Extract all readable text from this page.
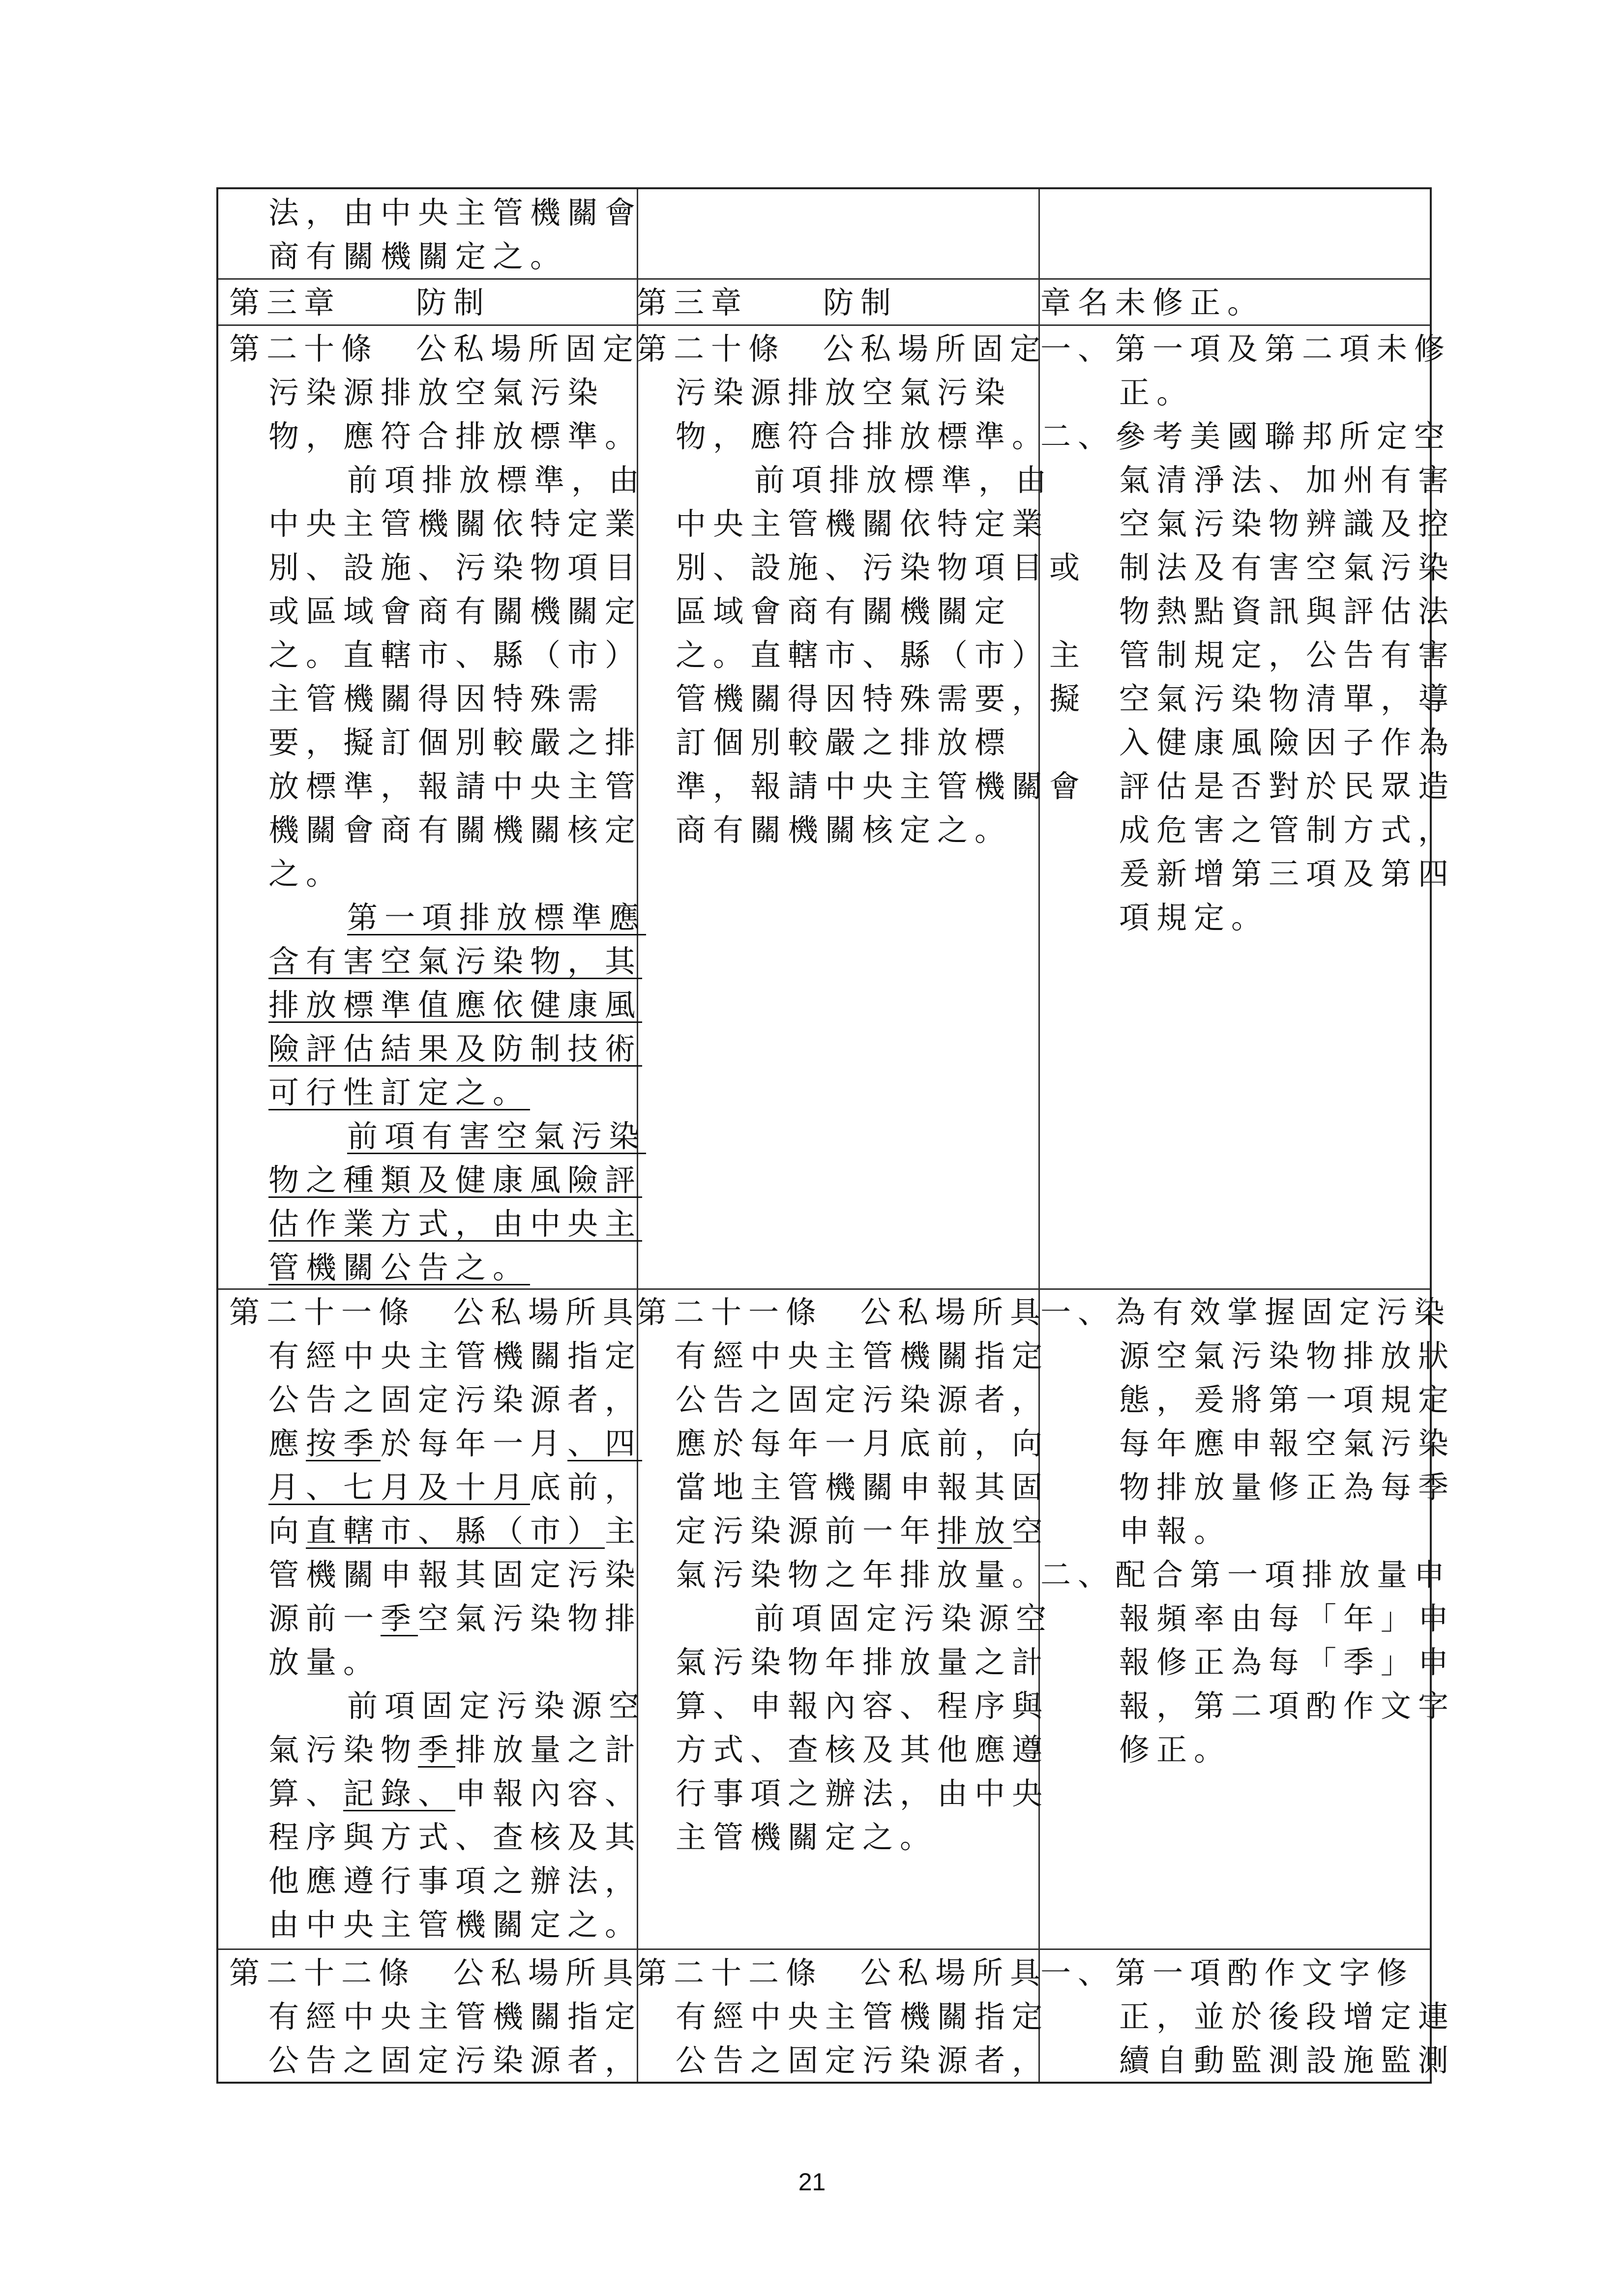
法，由中央主管機關會
商有關機關定之。
第三章　　防制	第三章　　防制	章名未修正。
第二十條　公私場所固定
污染源排放空氣污染
物，應符合排放標準。
前項排放標準，由
中央主管機關依特定業
別、設施、污染物項目
或區域會商有關機關定
之。直轄市、縣（市）
主管機關得因特殊需
要，擬訂個別較嚴之排
放標準，報請中央主管
機關會商有關機關核定
之。
第一項排放標準應
含有害空氣污染物，其
排放標準值應依健康風
險評估結果及防制技術
可行性訂定之。
前項有害空氣污染
物之種類及健康風險評
估作業方式，由中央主
管機關公告之。
第二十條　公私場所固定
污染源排放空氣污染
物，應符合排放標準。
前項排放標準，由
中央主管機關依特定業
別、設施、污染物項目或
區域會商有關機關定
之。直轄市、縣（市）主
管機關得因特殊需要，擬
訂個別較嚴之排放標
準，報請中央主管機關會
商有關機關核定之。
一、第一項及第二項未修
正。
二、參考美國聯邦所定空
氣清淨法、加州有害
空氣污染物辨識及控
制法及有害空氣污染
物熱點資訊與評估法
管制規定，公告有害
空氣污染物清單，導
入健康風險因子作為
評估是否對於民眾造
成危害之管制方式，
爰新增第三項及第四
項規定。
第二十一條　公私場所具
有經中央主管機關指定
公告之固定污染源者，
應按季於每年一月、四
月、七月及十月底前，
向直轄市、縣（市）主
管機關申報其固定污染
源前一季空氣污染物排
放量。
前項固定污染源空
氣污染物季排放量之計
算、記錄、申報內容、
程序與方式、查核及其
他應遵行事項之辦法，
由中央主管機關定之。
第二十一條　公私場所具
有經中央主管機關指定
公告之固定污染源者，
應於每年一月底前，向
當地主管機關申報其固
定污染源前一年排放空
氣污染物之年排放量。
前項固定污染源空
氣污染物年排放量之計
算、申報內容、程序與
方式、查核及其他應遵
行事項之辦法，由中央
主管機關定之。
一、為有效掌握固定污染
源空氣污染物排放狀
態，爰將第一項規定
每年應申報空氣污染
物排放量修正為每季
申報。
二、配合第一項排放量申
報頻率由每「年」申
報修正為每「季」申
報，第二項酌作文字
修正。
第二十二條　公私場所具
有經中央主管機關指定
公告之固定污染源者，
第二十二條　公私場所具
有經中央主管機關指定
公告之固定污染源者，
一、第一項酌作文字修
正，並於後段增定連
續自動監測設施監測
21
